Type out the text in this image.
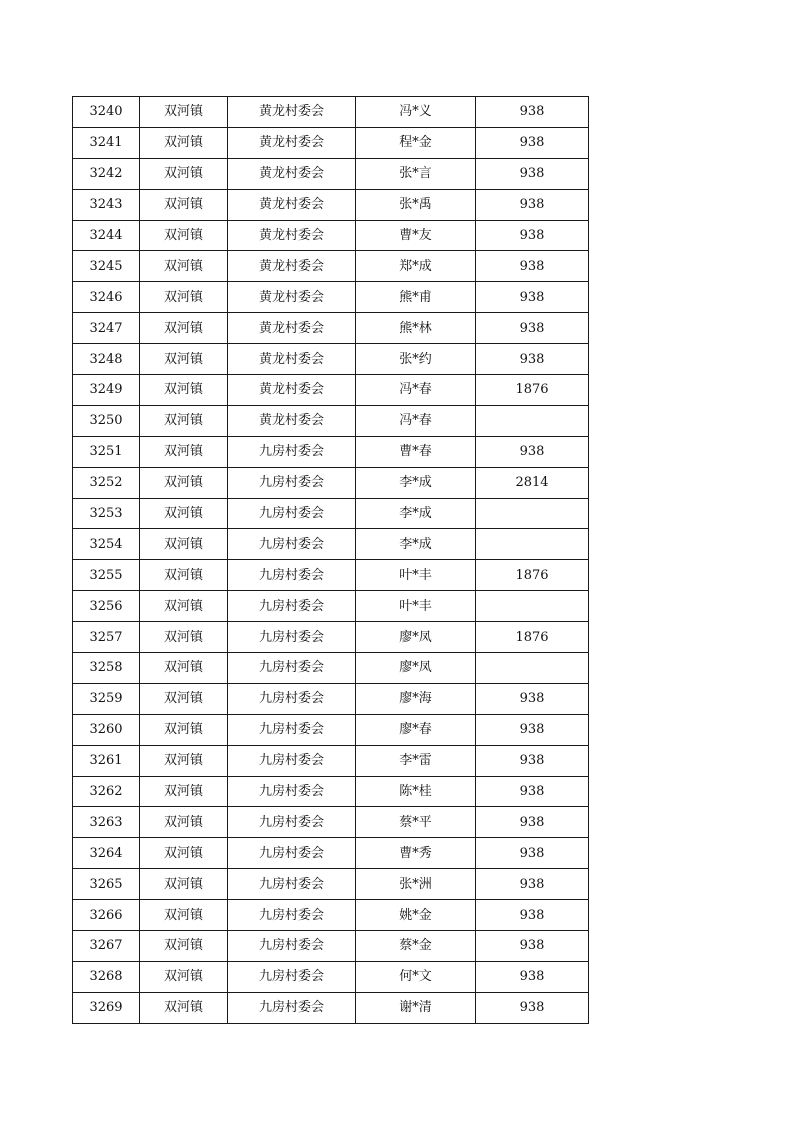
3240	双河镇	黄龙村委会	冯*义	938
3241	双河镇	黄龙村委会	程*金	938
3242	双河镇	黄龙村委会	张*言	938
3243	双河镇	黄龙村委会	张*禹	938
3244	双河镇	黄龙村委会	曹*友	938
3245	双河镇	黄龙村委会	郑*成	938
3246	双河镇	黄龙村委会	熊*甫	938
3247	双河镇	黄龙村委会	熊*林	938
3248	双河镇	黄龙村委会	张*约	938
3249	双河镇	黄龙村委会	冯*春	1876
3250	双河镇	黄龙村委会	冯*春	
3251	双河镇	九房村委会	曹*春	938
3252	双河镇	九房村委会	李*成	2814
3253	双河镇	九房村委会	李*成	
3254	双河镇	九房村委会	李*成	
3255	双河镇	九房村委会	叶*丰	1876
3256	双河镇	九房村委会	叶*丰	
3257	双河镇	九房村委会	廖*凤	1876
3258	双河镇	九房村委会	廖*凤	
3259	双河镇	九房村委会	廖*海	938
3260	双河镇	九房村委会	廖*春	938
3261	双河镇	九房村委会	李*雷	938
3262	双河镇	九房村委会	陈*桂	938
3263	双河镇	九房村委会	蔡*平	938
3264	双河镇	九房村委会	曹*秀	938
3265	双河镇	九房村委会	张*洲	938
3266	双河镇	九房村委会	姚*金	938
3267	双河镇	九房村委会	蔡*金	938
3268	双河镇	九房村委会	何*文	938
3269	双河镇	九房村委会	谢*清	938
